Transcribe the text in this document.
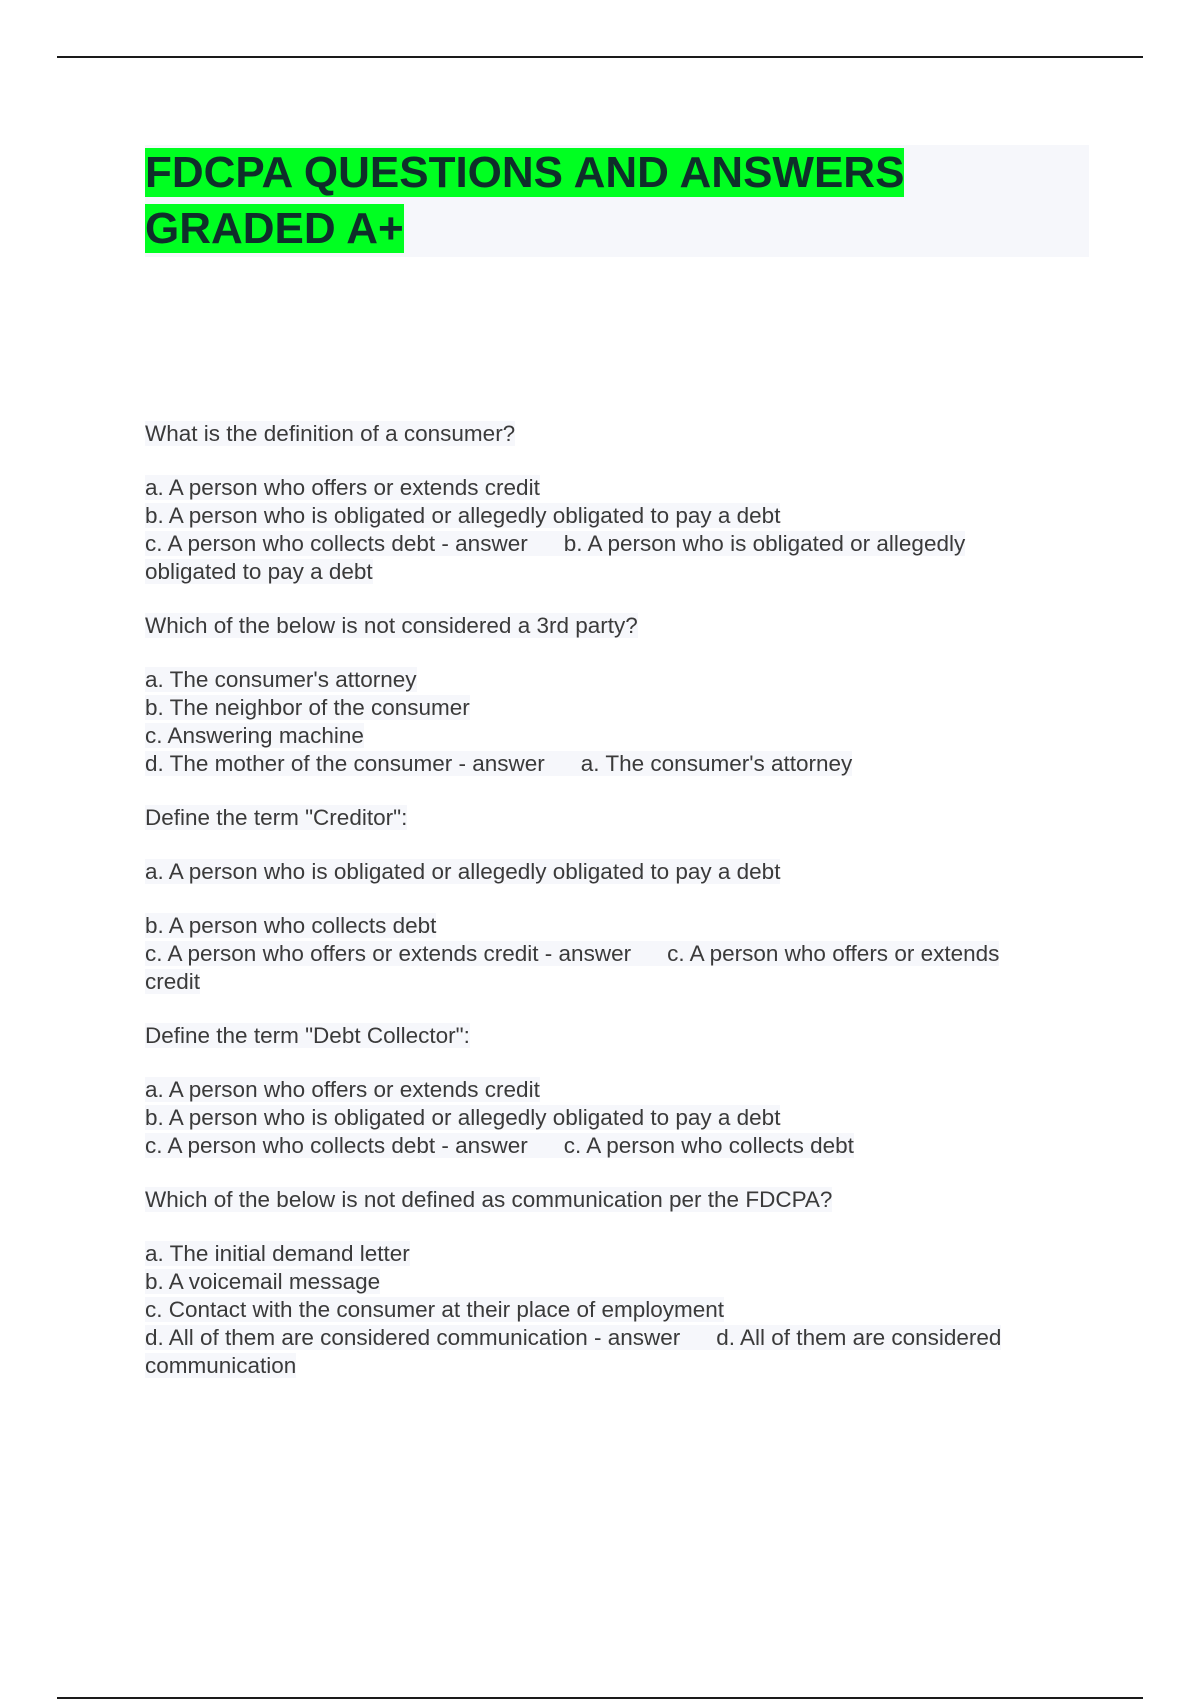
FDCPA QUESTIONS AND ANSWERS
GRADED A+
What is the definition of a consumer?
a. A person who offers or extends credit
b. A person who is obligated or allegedly obligated to pay a debt
c. A person who collects debt - answer b. A person who is obligated or allegedly
obligated to pay a debt
Which of the below is not considered a 3rd party?
a. The consumer's attorney
b. The neighbor of the consumer
c. Answering machine
d. The mother of the consumer - answer a. The consumer's attorney
Define the term "Creditor":
a. A person who is obligated or allegedly obligated to pay a debt
b. A person who collects debt
c. A person who offers or extends credit - answer c. A person who offers or extends
credit
Define the term "Debt Collector":
a. A person who offers or extends credit
b. A person who is obligated or allegedly obligated to pay a debt
c. A person who collects debt - answer c. A person who collects debt
Which of the below is not defined as communication per the FDCPA?
a. The initial demand letter
b. A voicemail message
c. Contact with the consumer at their place of employment
d. All of them are considered communication - answer d. All of them are considered
communication
